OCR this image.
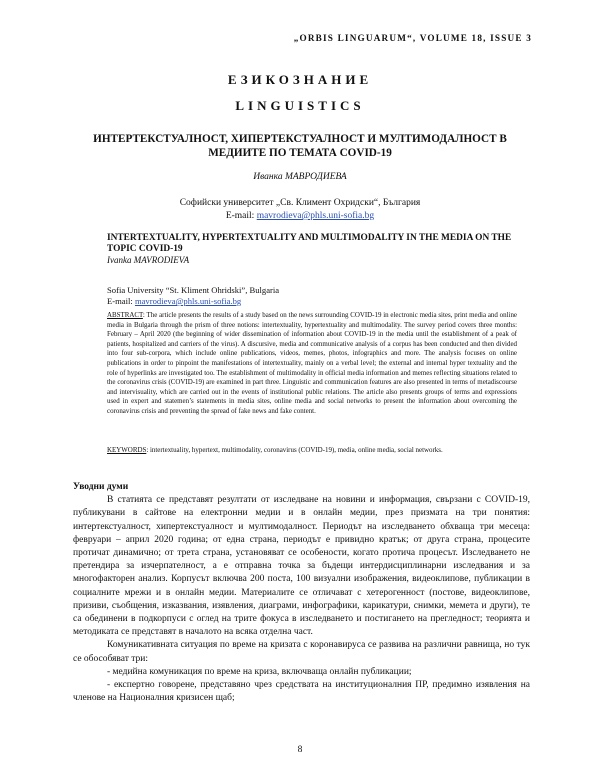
„ORBIS LINGUARUM“, VOLUME 18, ISSUE 3
ЕЗИКОЗНАНИЕ
LINGUISTICS
ИНТЕРТЕКСТУАЛНОСТ, ХИПЕРТЕКСТУАЛНОСТ И МУЛТИМОДАЛНОСТ В МЕДИИТЕ ПО ТЕМАТА COVID-19
Иванка МАВРОДИЕВА
Софийски университет „Св. Климент Охридски“, България
E-mail: mavrodieva@phls.uni-sofia.bg
INTERTEXTUALITY, HYPERTEXTUALITY AND MULTIMODALITY IN THE MEDIA ON THE TOPIC COVID-19
Ivanka MAVRODIEVA
Sofia University “St. Kliment Ohridski”, Bulgaria
E-mail: mavrodieva@phls.uni-sofia.bg
ABSTRACT: The article presents the results of a study based on the news surrounding COVID-19 in electronic media sites, print media and online media in Bulgaria through the prism of three notions: intertextuality, hypertextuality and multimodality. The survey period covers three months: February – April 2020 (the beginning of wider dissemination of information about COVID-19 in the media until the establishment of a peak of patients, hospitalized and carriers of the virus). A discursive, media and communicative analysis of a corpus has been conducted and then divided into four sub-corpora, which include online publications, videos, memes, photos, infographics and more. The analysis focuses on online publications in order to pinpoint the manifestations of intertextuality, mainly on a verbal level; the external and internal hyper textuality and the role of hyperlinks are investigated too. The establishment of multimodality in official media information and memes reflecting situations related to the coronavirus crisis (COVID-19) are examined in part three. Linguistic and communication features are also presented in terms of metadiscourse and intervisuality, which are carried out in the events of institutional public relations. The article also presents groups of terms and expressions used in expert and statemen’s statements in media sites, online media and social networks to present the information about overcoming the coronavirus crisis and preventing the spread of fake news and fake content.
KEYWORDS: intertextuality, hypertext, multimodality, coronavirus (COVID-19), media, online media, social networks.

Уводни думи

В статията се представят резултати от изследване на новини и информация, свързани с COVID-19, публикувани в сайтове на електронни медии и в онлайн медии, през призмата на три понятия: интертекстуалност, хипертекстуалност и мултимодалност. Периодът на изследването обхваща три месеца: февруари – април 2020 година; от една страна, периодът е привидно кратък; от друга страна, процесите протичат динамично; от трета страна, установяват се особености, когато протича процесът. Изследването не претендира за изчерпателност, а е отправна точка за бъдещи интердисциплинарни изследвания и за многофакторен анализ. Корпусът включва 200 поста, 100 визуални изображения, видеоклипове, публикации в социалните мрежи и в онлайн медии. Материалите се отличават с хетерогенност (постове, видеоклипове, призиви, съобщения, изказвания, изявления, диаграми, инфографики, карикатури, снимки, мемета и други), те са обединени в подкорпуси с оглед на трите фокуса в изследването и постигането на прегледност; теорията и методиката се представят в началото на всяка отделна част.

Комуникативната ситуация по време на кризата с коронавируса се развива на различни равнища, но тук се обособяват три:

- медийна комуникация по време на криза, включваща онлайн публикации;

- експертно говорене, представяно чрез средствата на институционалния ПР, предимно изявления на членове на Националния кризисен щаб;

8
